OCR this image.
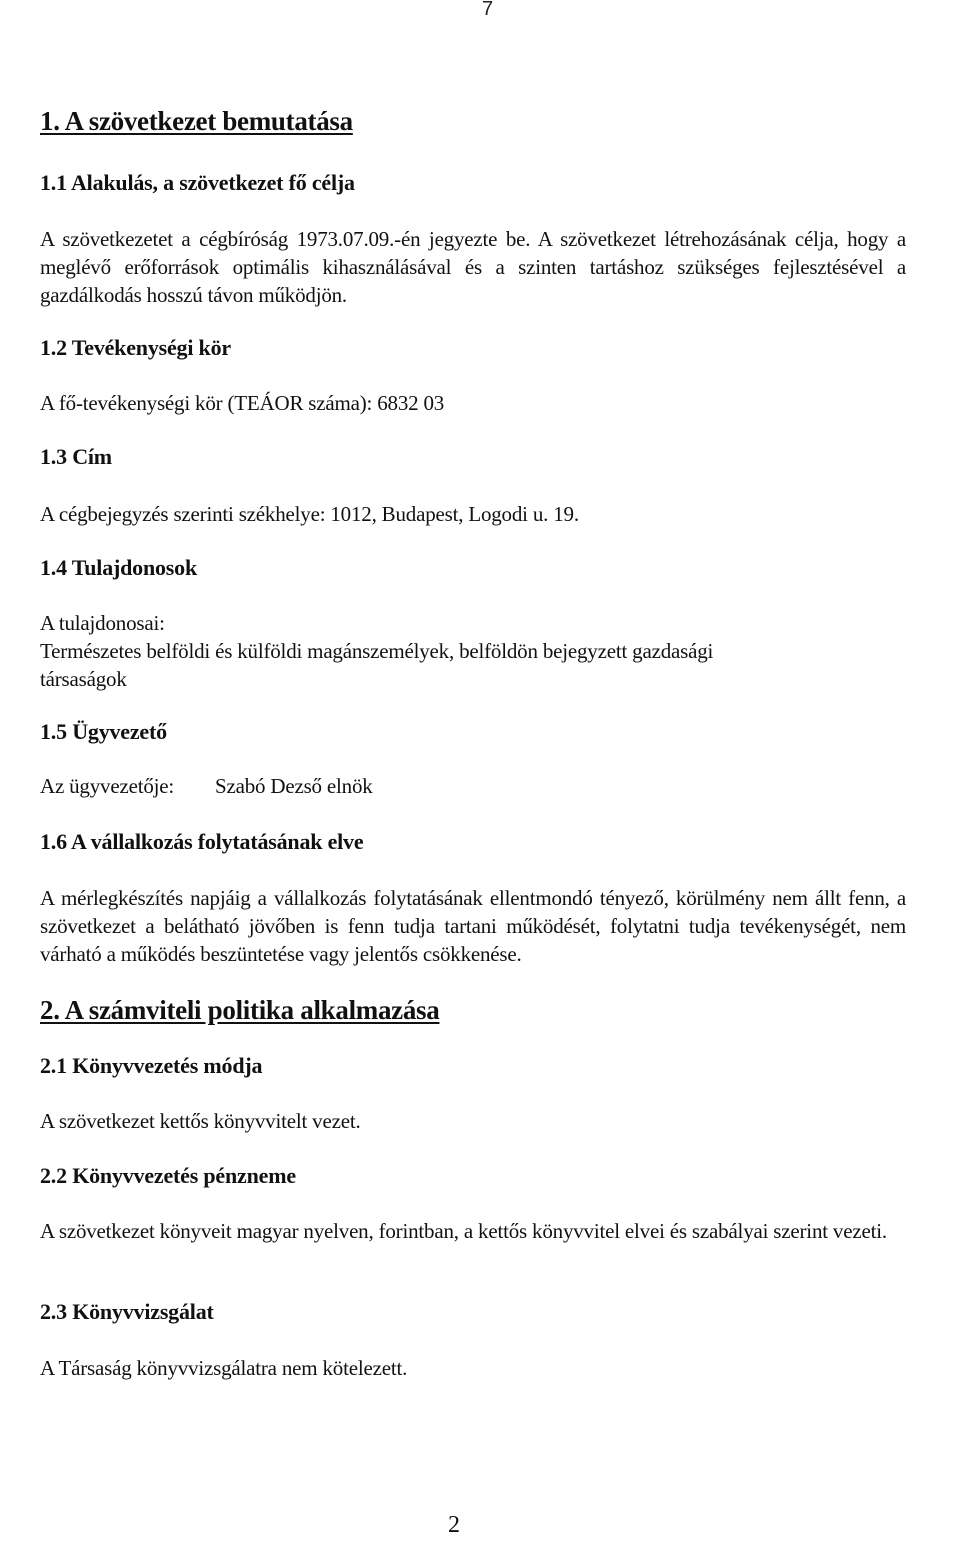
7
1. A szövetkezet bemutatása
1.1 Alakulás, a szövetkezet fő célja
A szövetkezetet a cégbíróság 1973.07.09.-én jegyezte be. A szövetkezet létrehozásának célja, hogy a meglévő erőforrások optimális kihasználásával és a szinten tartáshoz szükséges fejlesztésével a gazdálkodás hosszú távon működjön.
1.2 Tevékenységi kör
A fő-tevékenységi kör (TEÁOR száma): 6832 03
1.3 Cím
A cégbejegyzés szerinti székhelye: 1012, Budapest, Logodi u. 19.
1.4 Tulajdonosok
A tulajdonosai:
Természetes belföldi és külföldi magánszemélyek, belföldön bejegyzett gazdasági társaságok
1.5 Ügyvezető
Az ügyvezetője: Szabó Dezső elnök
1.6 A vállalkozás folytatásának elve
A mérlegkészítés napjáig a vállalkozás folytatásának ellentmondó tényező, körülmény nem állt fenn, a szövetkezet a belátható jövőben is fenn tudja tartani működését, folytatni tudja tevékenységét, nem várható a működés beszüntetése vagy jelentős csökkenése.
2. A számviteli politika alkalmazása
2.1 Könyvvezetés módja
A szövetkezet kettős könyvvitelt vezet.
2.2 Könyvvezetés pénzneme
A szövetkezet könyveit magyar nyelven, forintban, a kettős könyvvitel elvei és szabályai szerint vezeti.
2.3 Könyvvizsgálat
A Társaság könyvvizsgálatra nem kötelezett.
2
